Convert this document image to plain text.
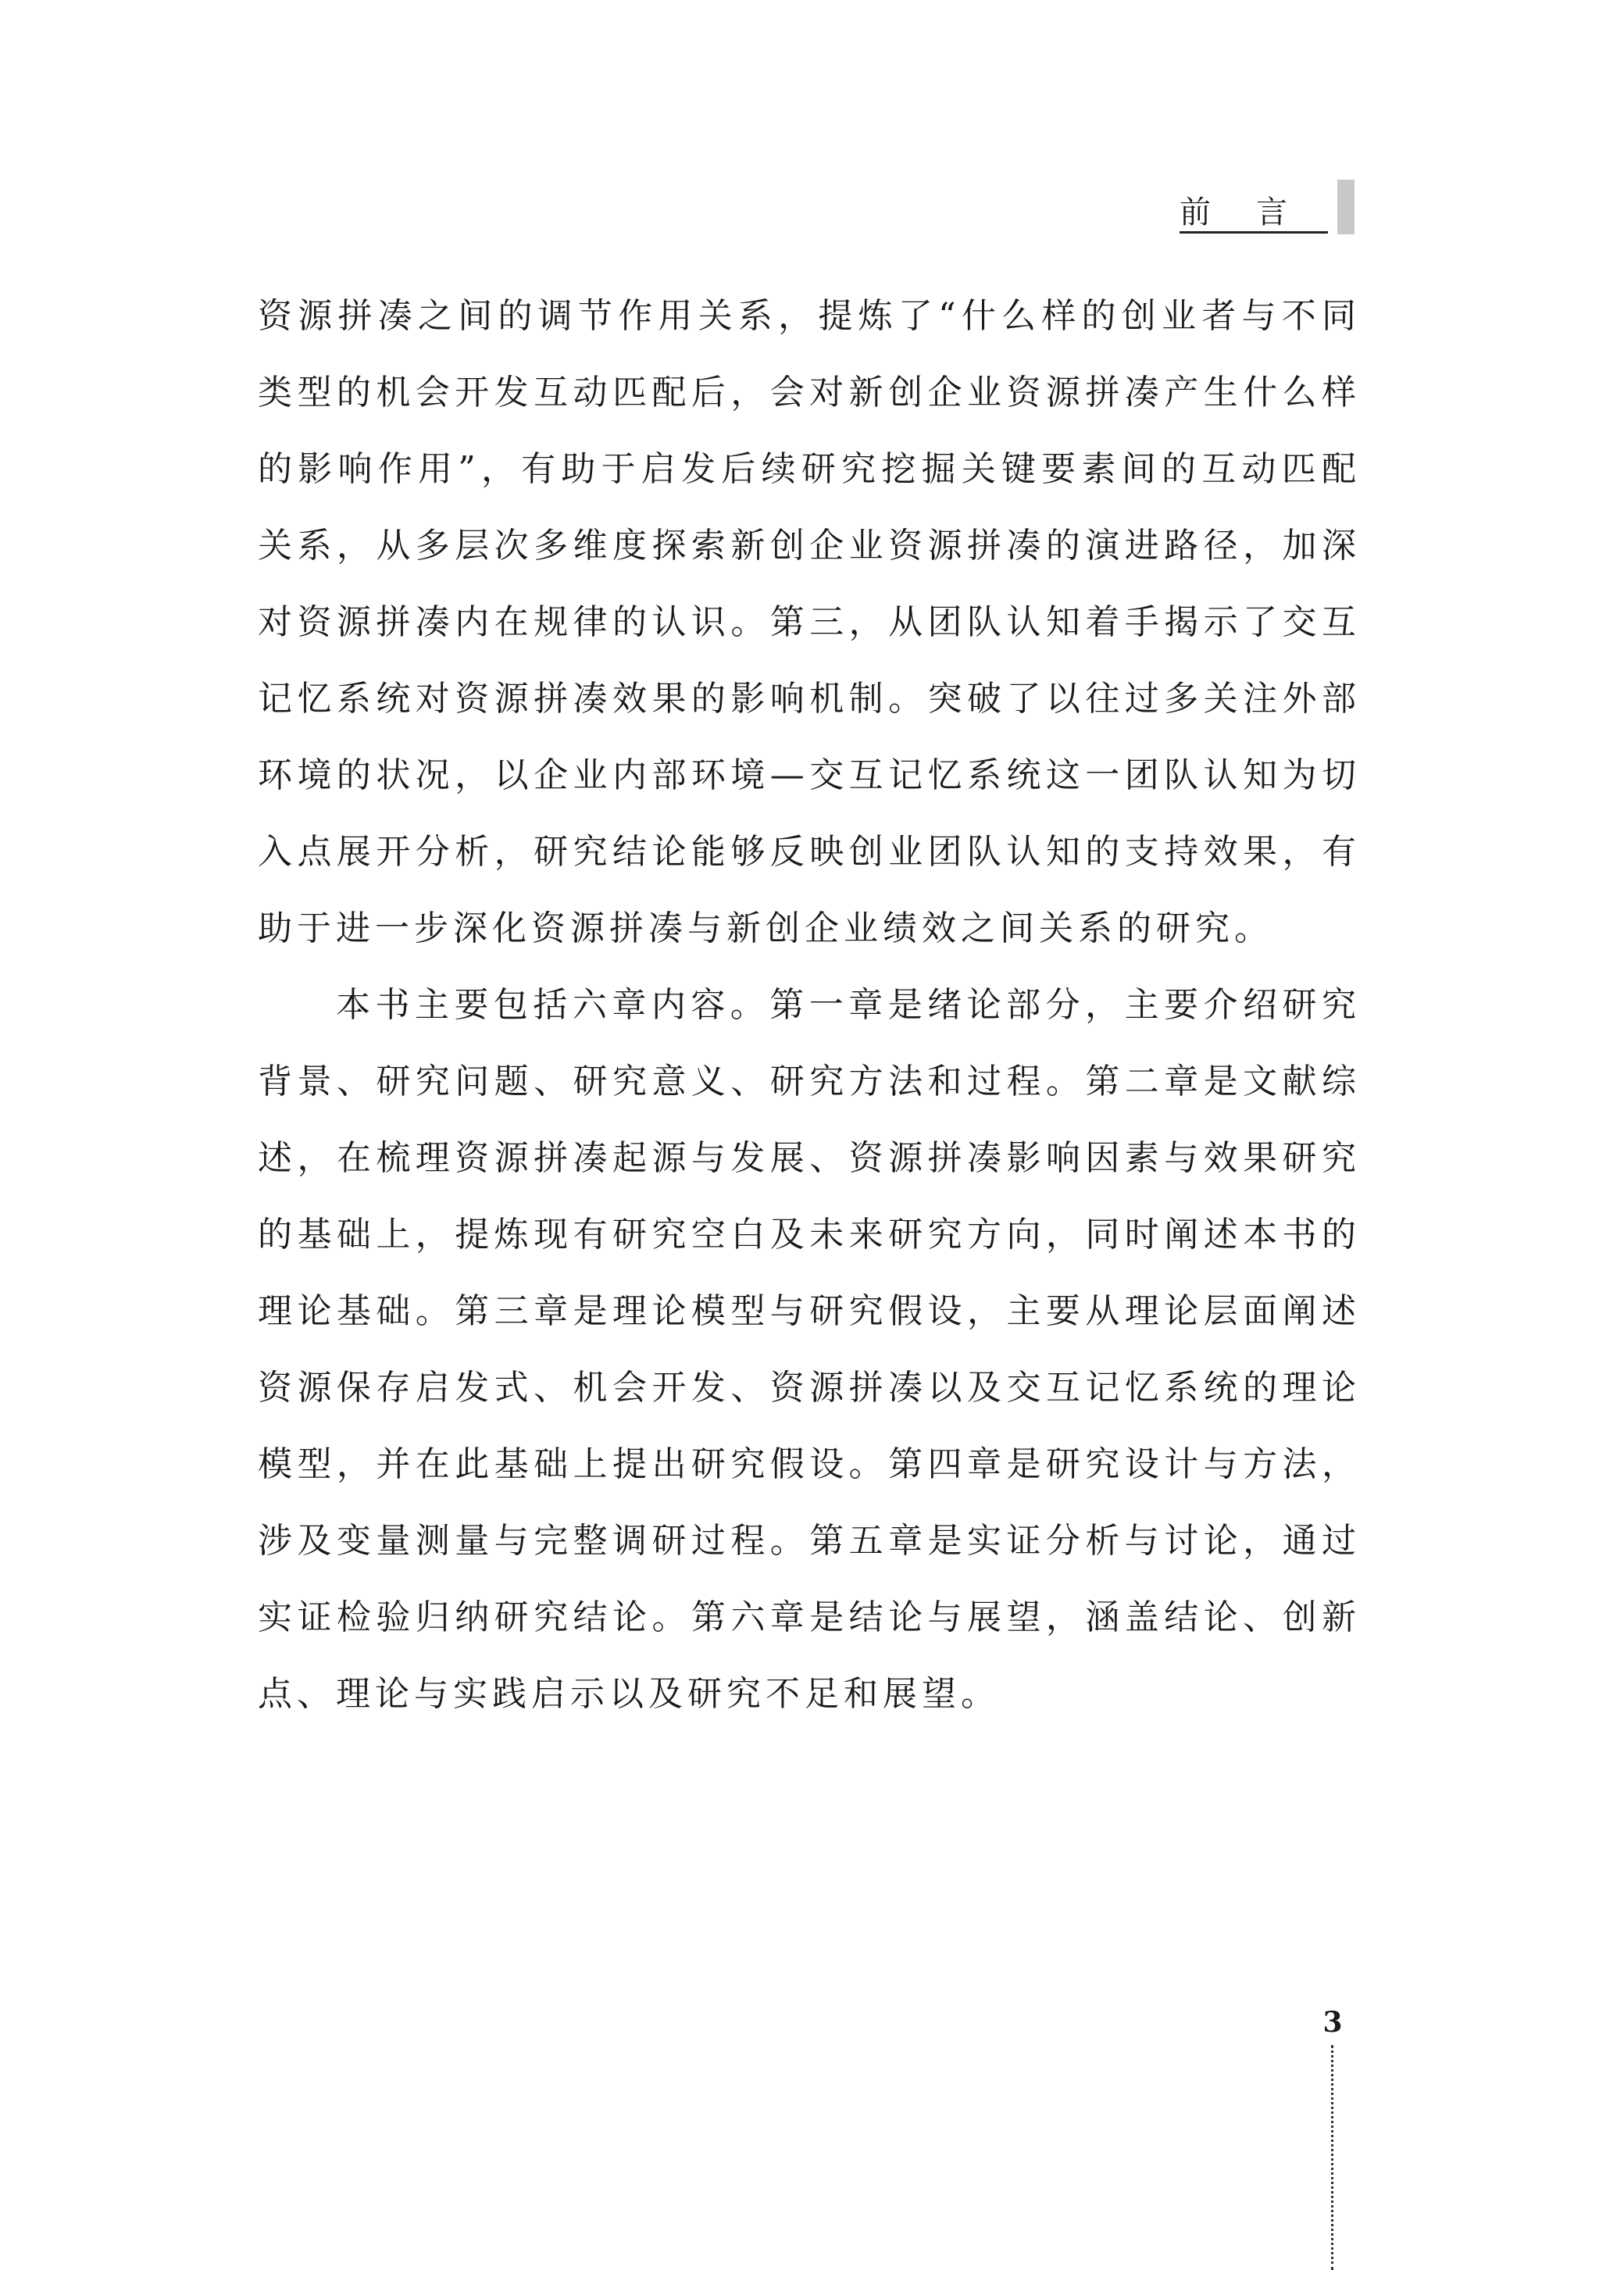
前言

资源拼凑之间的调节作用关系，提炼了“什么样的创业者与不同类型的机会开发互动匹配后，会对新创企业资源拼凑产生什么样的影响作用”，有助于启发后续研究挖掘关键要素间的互动匹配关系，从多层次多维度探索新创企业资源拼凑的演进路径，加深对资源拼凑内在规律的认识。第三，从团队认知着手揭示了交互记忆系统对资源拼凑效果的影响机制。突破了以往过多关注外部环境的状况，以企业内部环境—交互记忆系统这一团队认知为切入点展开分析，研究结论能够反映创业团队认知的支持效果，有助于进一步深化资源拼凑与新创企业绩效之间关系的研究。

本书主要包括六章内容。第一章是绪论部分，主要介绍研究背景、研究问题、研究意义、研究方法和过程。第二章是文献综述，在梳理资源拼凑起源与发展、资源拼凑影响因素与效果研究的基础上，提炼现有研究空白及未来研究方向，同时阐述本书的理论基础。第三章是理论模型与研究假设，主要从理论层面阐述资源保存启发式、机会开发、资源拼凑以及交互记忆系统的理论模型，并在此基础上提出研究假设。第四章是研究设计与方法，涉及变量测量与完整调研过程。第五章是实证分析与讨论，通过实证检验归纳研究结论。第六章是结论与展望，涵盖结论、创新点、理论与实践启示以及研究不足和展望。

3
